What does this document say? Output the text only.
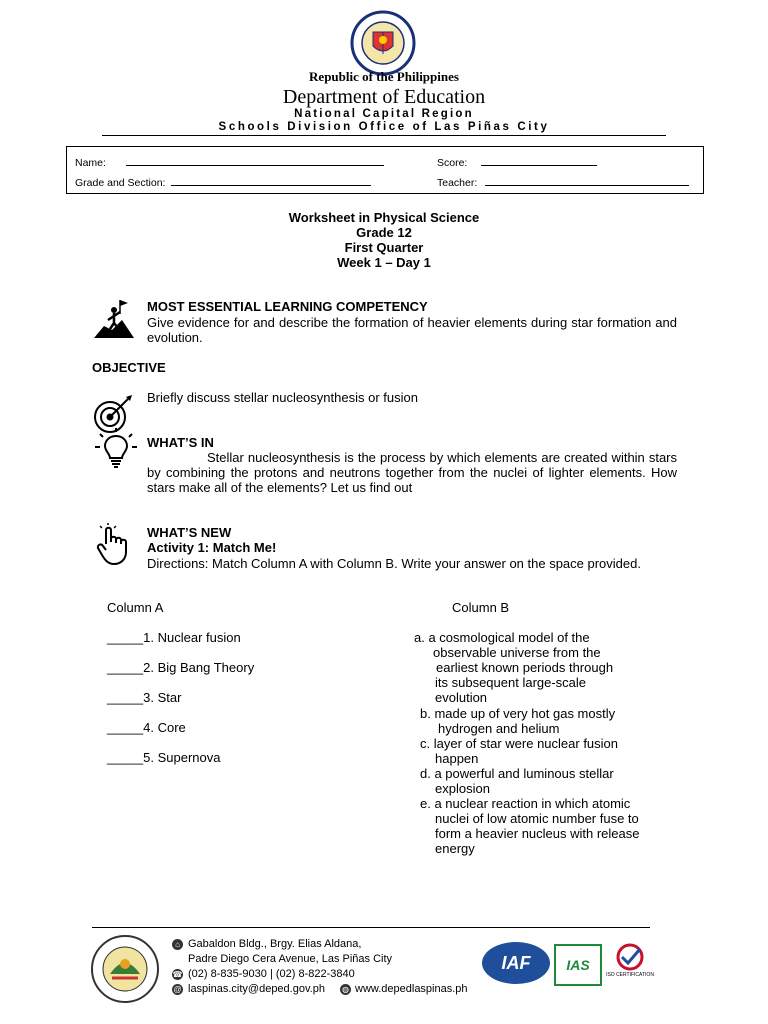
Republic of the Philippines
Department of Education
National Capital Region
Schools Division Office of Las Piñas City
Name:	Score:
Grade and Section:	Teacher:
Worksheet in Physical Science
Grade 12
First Quarter
Week 1 – Day 1
MOST ESSENTIAL LEARNING COMPETENCY
Give evidence for and describe the formation of heavier elements during star formation and evolution.
OBJECTIVE
Briefly discuss stellar nucleosynthesis or fusion
WHAT’S IN
Stellar nucleosynthesis is the process by which elements are created within stars by combining the protons and neutrons together from the nuclei of lighter elements. How stars make all of the elements? Let us find out
WHAT’S NEW
Activity 1: Match Me!
Directions: Match Column A with Column B. Write your answer on the space provided.
Column A	Column B
_____1. Nuclear fusion
_____2. Big Bang Theory
_____3. Star
_____4. Core
_____5. Supernova
a. a cosmological model of the
observable universe from the
earliest known periods through
its subsequent large-scale
evolution
b. made up of very hot gas mostly
hydrogen and helium
c. layer of star were nuclear fusion
happen
d. a powerful and luminous stellar
explosion
e. a nuclear reaction in which atomic
nuclei of low atomic number fuse to
form a heavier nucleus with release
energy
⌂ Gabaldon Bldg., Brgy. Elias Aldana,
Padre Diego Cera Avenue, Las Piñas City
☎ (02) 8-835-9030 | (02) 8-822-3840
@ laspinas.city@deped.gov.ph ◍ www.depedlaspinas.ph
IAF	IAS
ISO CERTIFICATION
